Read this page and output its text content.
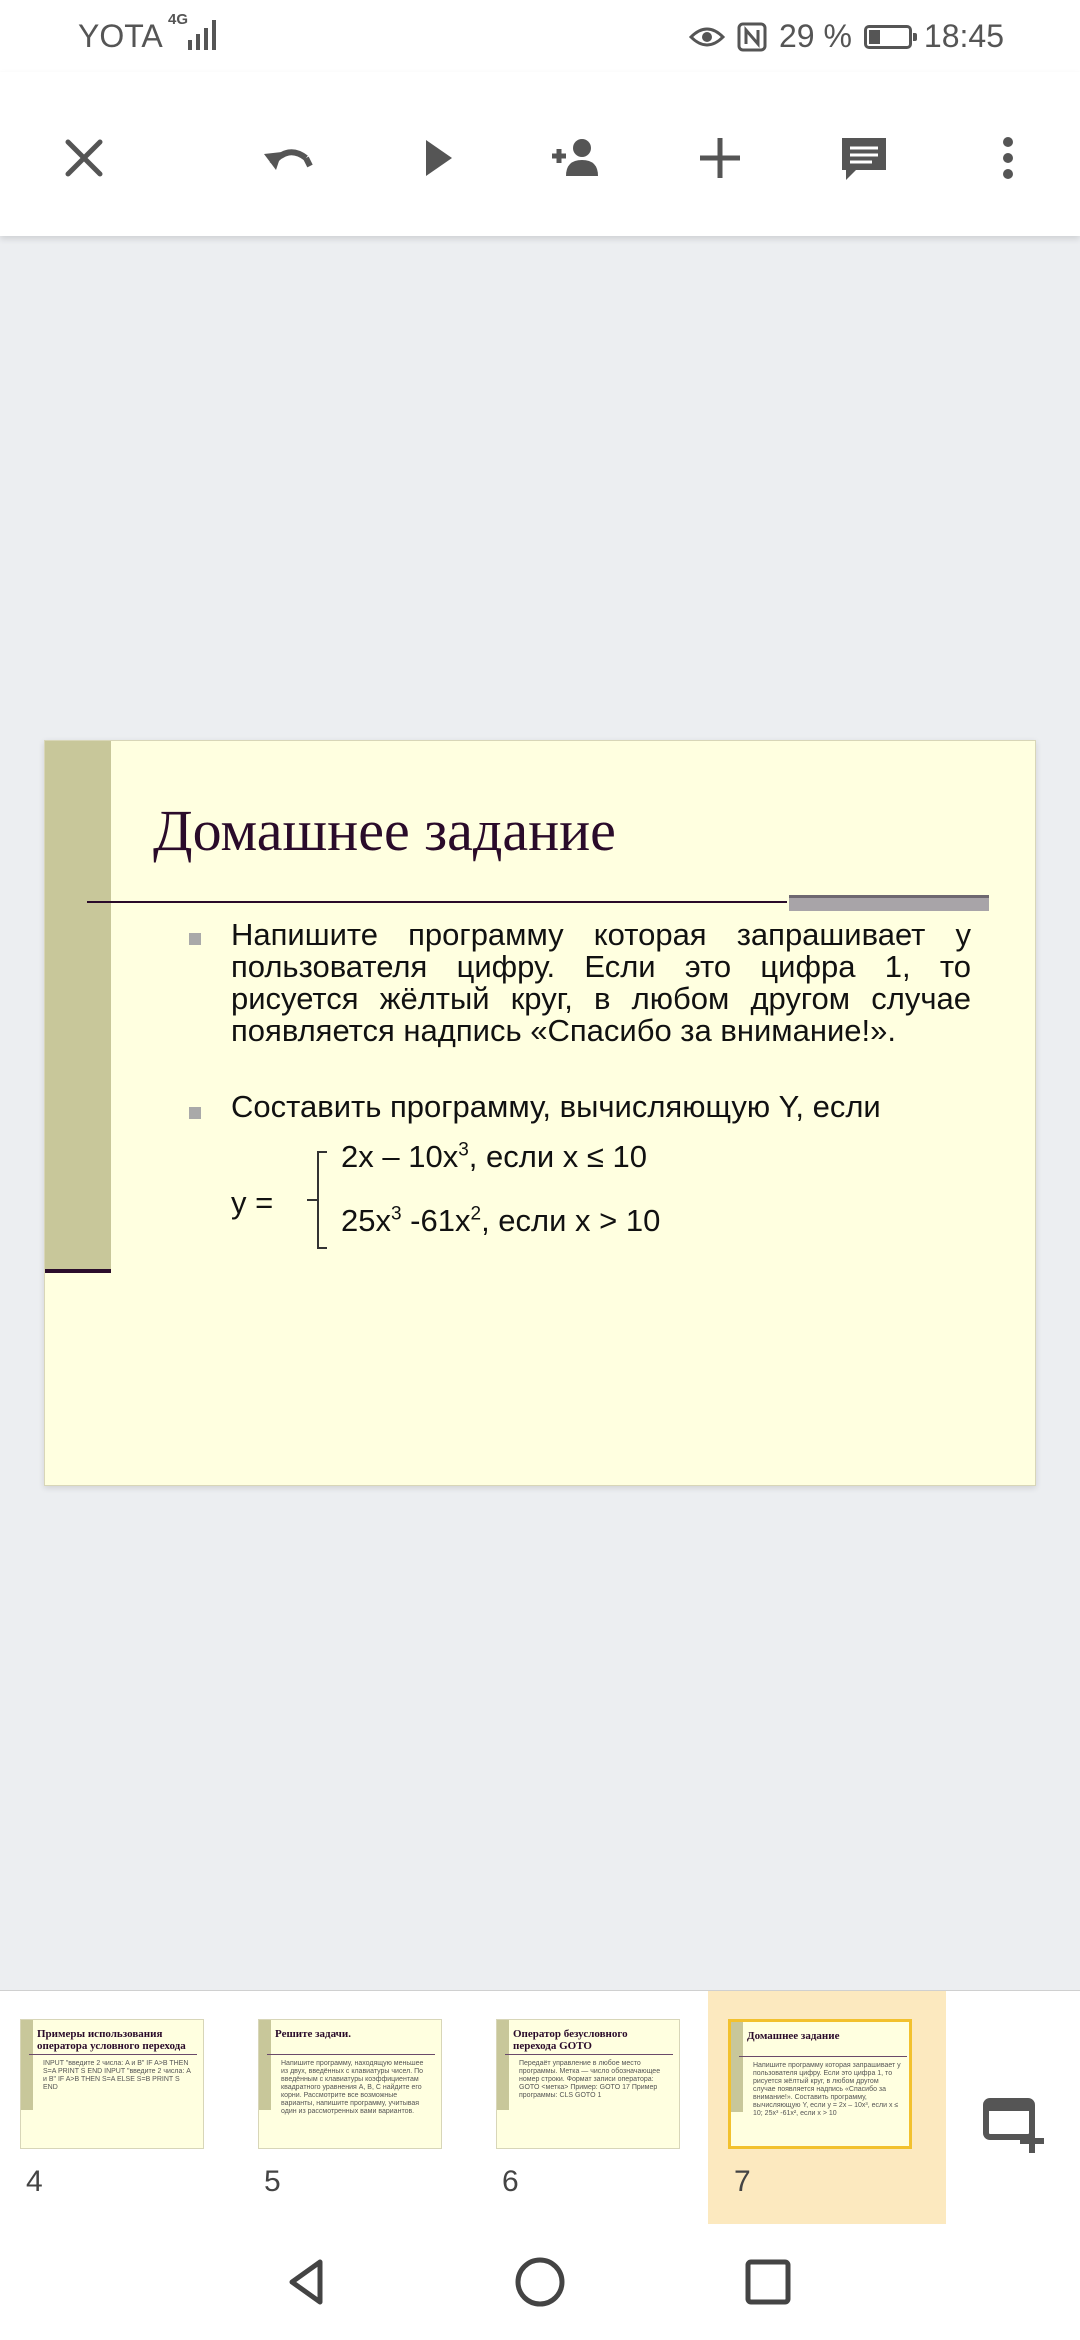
YOTA 4G	29 % 18:45
Домашнее задание
Напишите программу которая запрашивает у пользователя цифру. Если это цифра 1, то рисуется жёлтый круг, в любом другом случае появляется надпись «Спасибо за внимание!».
Составить программу, вычисляющую Y, если
y =
$2x - 10x^3$, если x ≤ 10
$25x^3$ $-61x^2$, если x > 10
Примеры использования оператора условного перехода
INPUT "введите 2 числа: A и B" IF A>B THEN S=A PRINT S END INPUT "введите 2 числа: A и B" IF A>B THEN S=A ELSE S=B PRINT S END
4
Решите задачи.
Напишите программу, находящую меньшее из двух, введённых с клавиатуры чисел. По введённым с клавиатуры коэффициентам квадратного уравнения A, B, C найдите его корни. Рассмотрите все возможные варианты, напишите программу, учитывая один из рассмотренных вами вариантов.
5
Оператор безусловного перехода GOTO
Передаёт управление в любое место программы. Метка — число обозначающее номер строки. Формат записи оператора: GOTO <метка> Пример: GOTO 17 Пример программы: CLS GOTO 1
6
Домашнее задание
Напишите программу которая запрашивает у пользователя цифру. Если это цифра 1, то рисуется жёлтый круг, в любом другом случае появляется надпись «Спасибо за внимание!». Составить программу, вычисляющую Y, если y = 2x – 10x³, если x ≤ 10; 25x³ -61x², если x > 10
7
